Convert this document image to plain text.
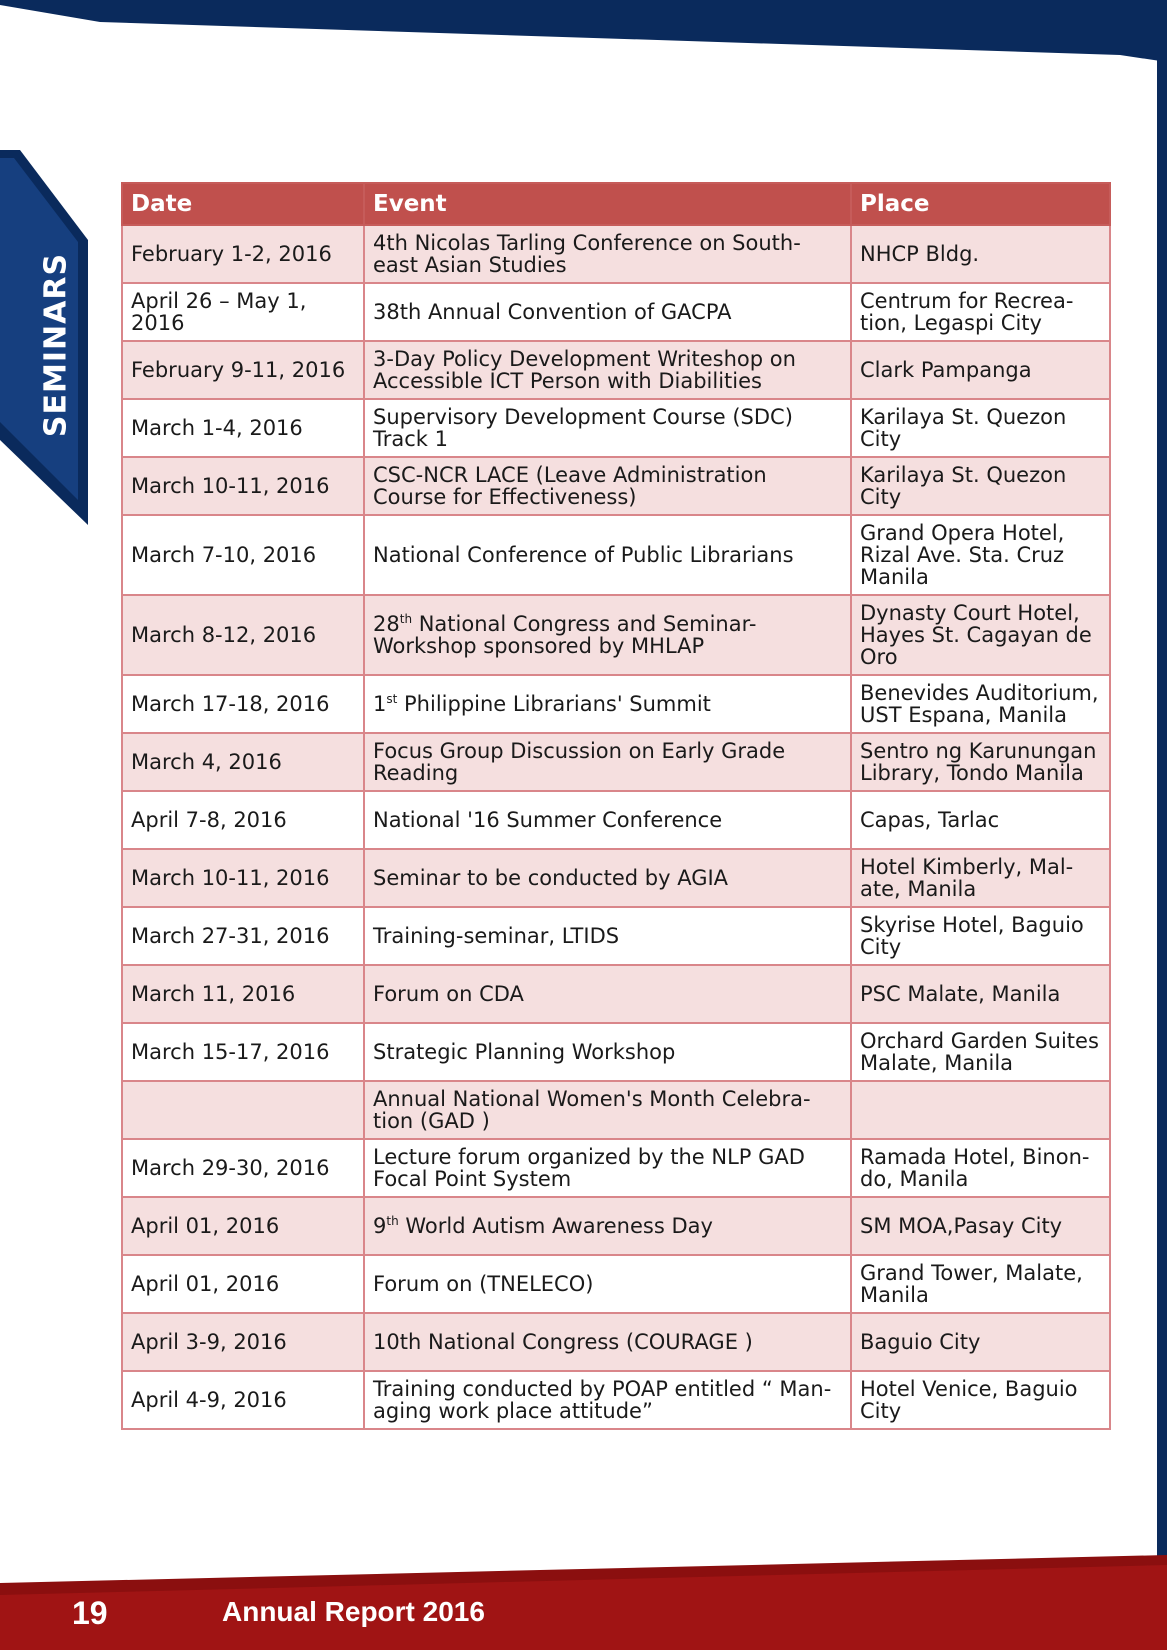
SEMINARS
Date	Event	Place
February 1-2, 2016	4th Nicolas Tarling Conference on South-east Asian Studies	NHCP Bldg.
April 26 – May 1, 2016	38th Annual Convention of GACPA	Centrum for Recrea-tion, Legaspi City
February 9-11, 2016	3-Day Policy Development Writeshop on Accessible ICT Person with Diabilities	Clark Pampanga
March 1-4, 2016	Supervisory Development Course (SDC) Track 1	Karilaya St. Quezon City
March 10-11, 2016	CSC-NCR LACE (Leave Administration Course for Effectiveness)	Karilaya St. Quezon City
March 7-10, 2016	National Conference of Public Librarians	Grand Opera Hotel, Rizal Ave. Sta. Cruz Manila
March 8-12, 2016	28th National Congress and Seminar-Workshop sponsored by MHLAP	Dynasty Court Hotel, Hayes St. Cagayan de Oro
March 17-18, 2016	1st Philippine Librarians' Summit	Benevides Auditorium, UST Espana, Manila
March 4, 2016	Focus Group Discussion on Early Grade Reading	Sentro ng Karunungan Library, Tondo Manila
April 7-8, 2016	National '16 Summer Conference	Capas, Tarlac
March 10-11, 2016	Seminar to be conducted by AGIA	Hotel Kimberly, Mal-ate, Manila
March 27-31, 2016	Training-seminar, LTIDS	Skyrise Hotel, Baguio City
March 11, 2016	Forum on CDA	PSC Malate, Manila
March 15-17, 2016	Strategic Planning Workshop	Orchard Garden Suites Malate, Manila
	Annual National Women's Month Celebra-tion (GAD )	
March 29-30, 2016	Lecture forum organized by the NLP GAD Focal Point System	Ramada Hotel, Binon-do, Manila
April 01, 2016	9th World Autism Awareness Day	SM MOA,Pasay City
April 01, 2016	Forum on (TNELECO)	Grand Tower, Malate, Manila
April 3-9, 2016	10th National Congress (COURAGE )	Baguio City
April 4-9, 2016	Training conducted by POAP entitled “ Man-aging work place attitude”	Hotel Venice, Baguio City
19	Annual Report 2016
